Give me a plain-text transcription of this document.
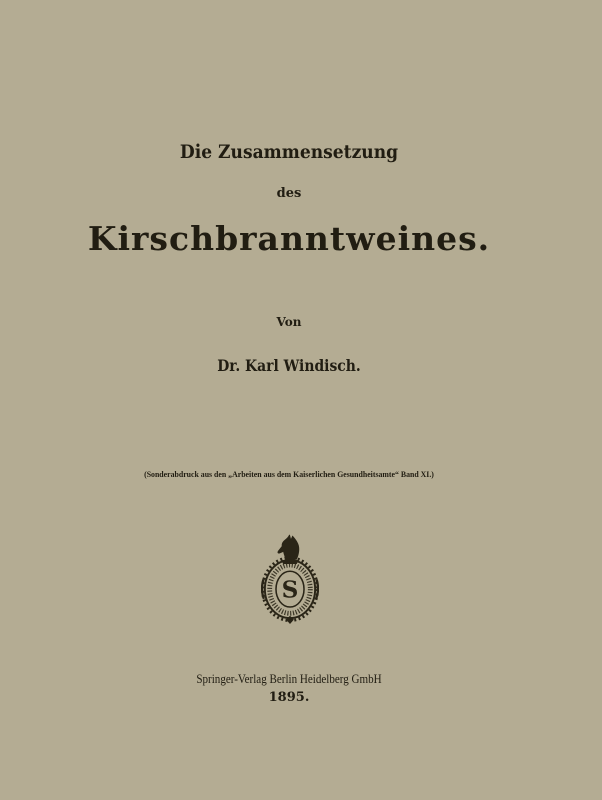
Die Zusammensetzung
des
Kirschbranntweines.
Von
Dr. Karl Windisch.
(Sonderabdruck aus den „Arbeiten aus dem Kaiserlichen Gesundheitsamte“ Band XI.)
S
Springer-Verlag Berlin Heidelberg GmbH
1895.
